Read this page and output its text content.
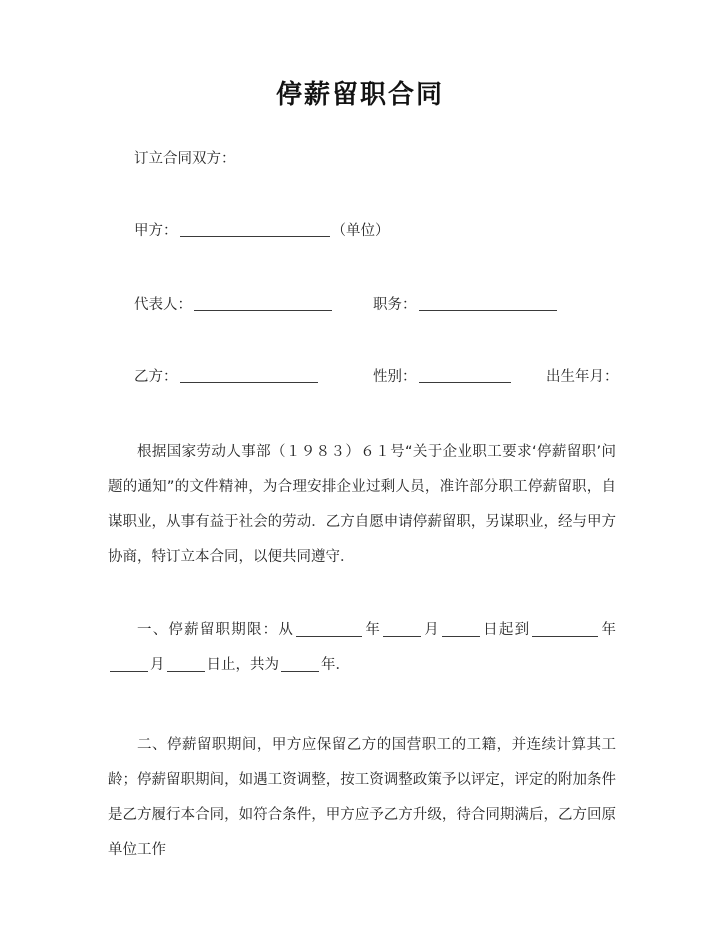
停薪留职合同
订立合同双方：
甲方：	（单位）
代表人：	职务：
乙方：	性别：	出生年月：
根据国家劳动人事部（１９８３）６１号“关于企业职工要求‘停薪留职’问题的通知”的文件精神，为合理安排企业过剩人员，准许部分职工停薪留职，自谋职业，从事有益于社会的劳动．乙方自愿申请停薪留职，另谋职业，经与甲方协商，特订立本合同，以便共同遵守．
一、停薪留职期限：从	年	月	日起到	年月	日止，共为	年．
二、停薪留职期间，甲方应保留乙方的国营职工的工籍，并连续计算其工龄；停薪留职期间，如遇工资调整，按工资调整政策予以评定，评定的附加条件是乙方履行本合同，如符合条件，甲方应予乙方升级，待合同期满后，乙方回原单位工作
